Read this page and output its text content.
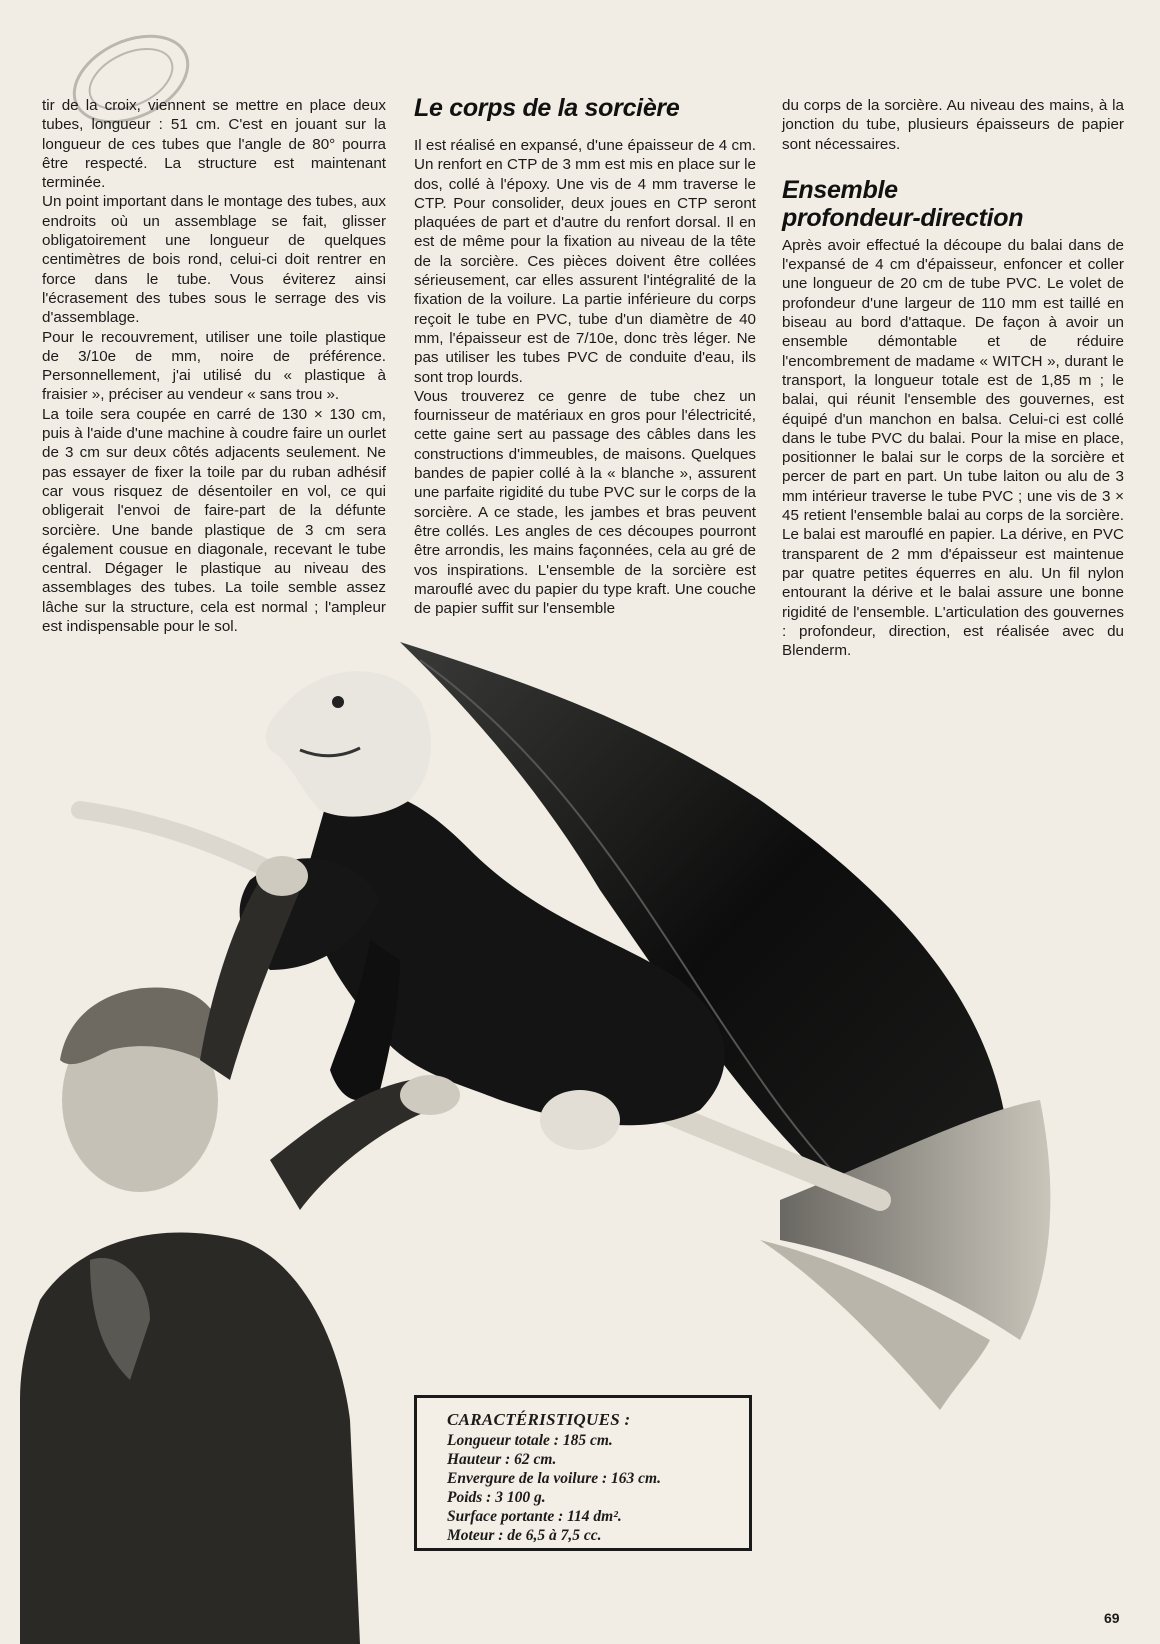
tir de la croix, viennent se mettre en place deux tubes, longueur : 51 cm. C'est en jouant sur la longueur de ces tubes que l'angle de 80° pourra être respecté. La structure est maintenant terminée.

Un point important dans le montage des tubes, aux endroits où un assemblage se fait, glisser obligatoirement une longueur de quelques centimètres de bois rond, celui-ci doit rentrer en force dans le tube. Vous éviterez ainsi l'écrasement des tubes sous le serrage des vis d'assemblage.

Pour le recouvrement, utiliser une toile plastique de 3/10e de mm, noire de préférence. Personnellement, j'ai utilisé du « plastique à fraisier », préciser au vendeur « sans trou ».

La toile sera coupée en carré de 130 × 130 cm, puis à l'aide d'une machine à coudre faire un ourlet de 3 cm sur deux côtés adjacents seulement. Ne pas essayer de fixer la toile par du ruban adhésif car vous risquez de désentoiler en vol, ce qui obligerait l'envoi de faire-part de la défunte sorcière. Une bande plastique de 3 cm sera également cousue en diagonale, recevant le tube central. Dégager le plastique au niveau des assemblages des tubes. La toile semble assez lâche sur la structure, cela est normal ; l'ampleur est indispensable pour le sol.

Le corps de la sorcière

Il est réalisé en expansé, d'une épaisseur de 4 cm. Un renfort en CTP de 3 mm est mis en place sur le dos, collé à l'époxy. Une vis de 4 mm traverse le CTP. Pour consolider, deux joues en CTP seront plaquées de part et d'autre du renfort dorsal. Il en est de même pour la fixation au niveau de la tête de la sorcière. Ces pièces doivent être collées sérieusement, car elles assurent l'intégralité de la fixation de la voilure. La partie inférieure du corps reçoit le tube en PVC, tube d'un diamètre de 40 mm, l'épaisseur est de 7/10e, donc très léger. Ne pas utiliser les tubes PVC de conduite d'eau, ils sont trop lourds.

Vous trouverez ce genre de tube chez un fournisseur de matériaux en gros pour l'électricité, cette gaine sert au passage des câbles dans les constructions d'immeubles, de maisons. Quelques bandes de papier collé à la « blanche », assurent une parfaite rigidité du tube PVC sur le corps de la sorcière. A ce stade, les jambes et bras peuvent être collés. Les angles de ces découpes pourront être arrondis, les mains façonnées, cela au gré de vos inspirations. L'ensemble de la sorcière est marouflé avec du papier du type kraft. Une couche de papier suffit sur l'ensemble

du corps de la sorcière. Au niveau des mains, à la jonction du tube, plusieurs épaisseurs de papier sont nécessaires.

Ensemble
profondeur-direction

Après avoir effectué la découpe du balai dans de l'expansé de 4 cm d'épaisseur, enfoncer et coller une longueur de 20 cm de tube PVC. Le volet de profondeur d'une largeur de 110 mm est taillé en biseau au bord d'attaque. De façon à avoir un ensemble démontable et de réduire l'encombrement de madame « WITCH », durant le transport, la longueur totale est de 1,85 m ; le balai, qui réunit l'ensemble des gouvernes, est équipé d'un manchon en balsa. Celui-ci est collé dans le tube PVC du balai. Pour la mise en place, positionner le balai sur le corps de la sorcière et percer de part en part. Un tube laiton ou alu de 3 mm intérieur traverse le tube PVC ; une vis de 3 × 45 retient l'ensemble balai au corps de la sorcière. Le balai est marouflé en papier. La dérive, en PVC transparent de 2 mm d'épaisseur est maintenue par quatre petites équerres en alu. Un fil nylon entourant la dérive et le balai assure une bonne rigidité de l'ensemble. L'articulation des gouvernes : profondeur, direction, est réalisée avec du Blenderm.

CARACTÉRISTIQUES :
Longueur totale : 185 cm.
Hauteur : 62 cm.
Envergure de la voilure : 163 cm.
Poids : 3 100 g.
Surface portante : 114 dm².
Moteur : de 6,5 à 7,5 cc.
69
